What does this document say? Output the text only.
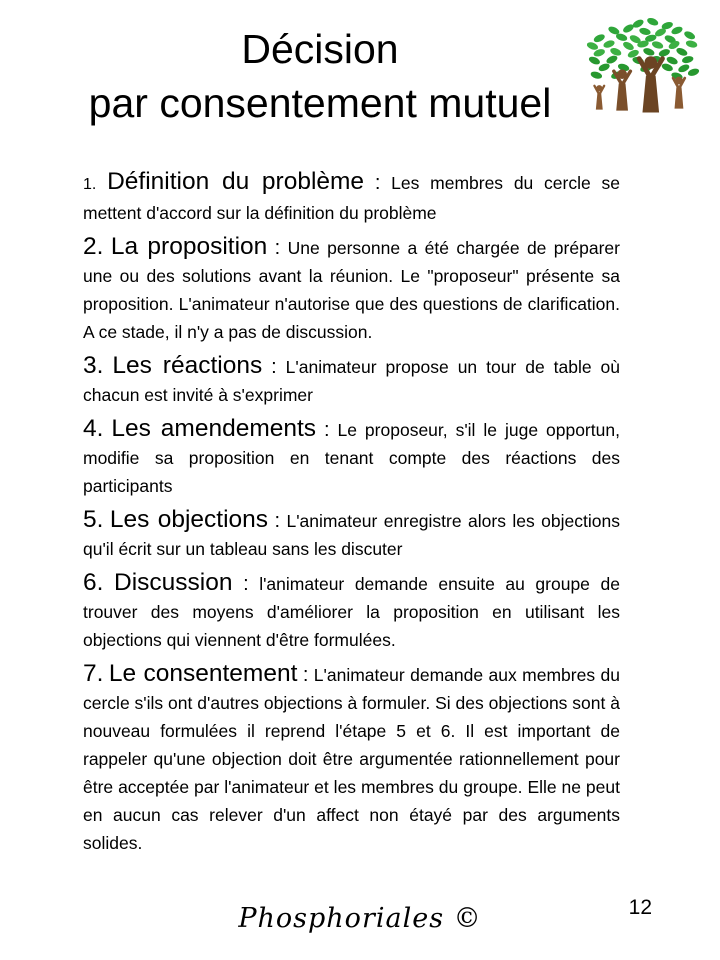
Décision
par consentement mutuel

1. Définition du problème : Les membres du cercle se mettent d'accord sur la définition du problème

2. La proposition : Une personne a été chargée de préparer une ou des solutions avant la réunion. Le "proposeur" présente sa proposition. L'animateur n'autorise que des questions de clarification. A ce stade, il n'y a pas de discussion.

3. Les réactions : L'animateur propose un tour de table où chacun est invité à s'exprimer

4. Les amendements : Le proposeur, s'il le juge opportun, modifie sa proposition en tenant compte des réactions des participants

5. Les objections : L'animateur enregistre alors les objections qu'il écrit sur un tableau sans les discuter

6. Discussion : l'animateur demande ensuite au groupe de trouver des moyens d'améliorer la proposition en utilisant les objections qui viennent d'être formulées.

7. Le consentement : L'animateur demande aux membres du cercle s'ils ont d'autres objections à formuler. Si des objections sont à nouveau formulées il reprend l'étape 5 et 6. Il est important de rappeler qu'une objection doit être argumentée rationnellement pour être acceptée par l'animateur et les membres du groupe. Elle ne peut en aucun cas relever d'un affect non étayé par des arguments solides.

12
Phosphoriales ©
